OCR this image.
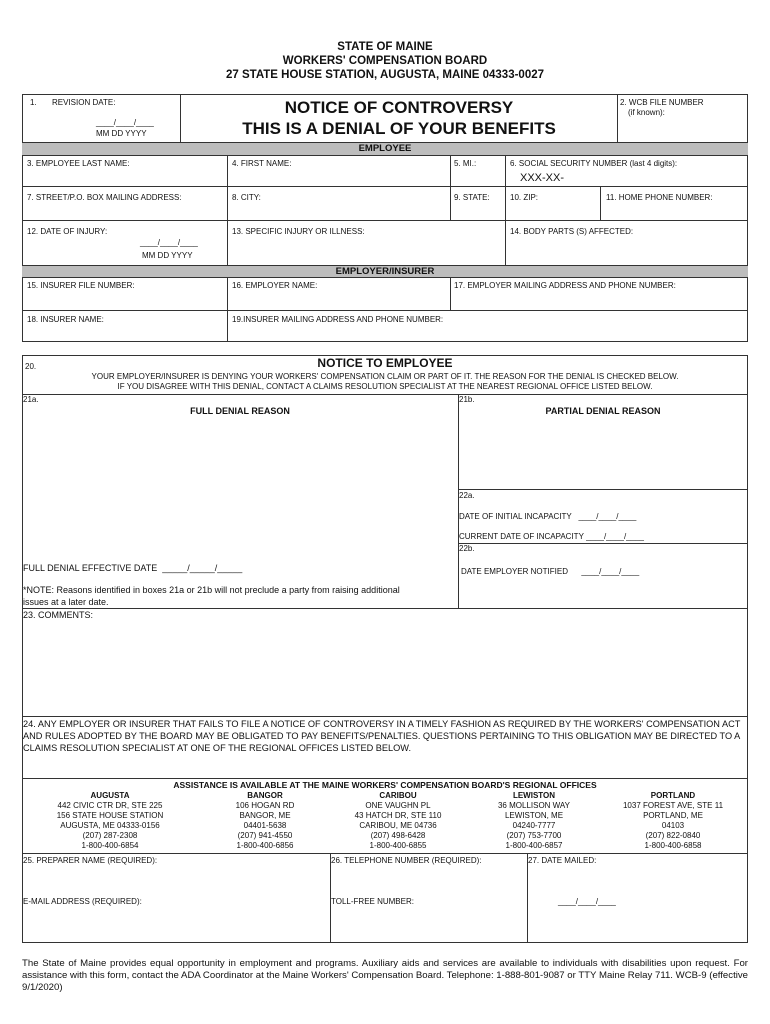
STATE OF MAINE
WORKERS' COMPENSATION BOARD
27 STATE HOUSE STATION, AUGUSTA, MAINE 04333-0027
1. REVISION DATE:
____/____/____
MM DD YYYY
NOTICE OF CONTROVERSY
THIS IS A DENIAL OF YOUR BENEFITS
2. WCB FILE NUMBER
(if known):
EMPLOYEE
3. EMPLOYEE LAST NAME:	4. FIRST NAME:	5. MI.:	6. SOCIAL SECURITY NUMBER (last 4 digits):
XXX-XX-
7. STREET/P.O. BOX MAILING ADDRESS:	8. CITY:	9. STATE:	10. ZIP:	11. HOME PHONE NUMBER:
12. DATE OF INJURY:
____/____/____
MM DD YYYY
13. SPECIFIC INJURY OR ILLNESS:	14. BODY PARTS (S) AFFECTED:
EMPLOYER/INSURER
15. INSURER FILE NUMBER:	16. EMPLOYER NAME:	17. EMPLOYER MAILING ADDRESS AND PHONE NUMBER:
18. INSURER NAME:	19.INSURER MAILING ADDRESS AND PHONE NUMBER:
20.	NOTICE TO EMPLOYEE
YOUR EMPLOYER/INSURER IS DENYING YOUR WORKERS' COMPENSATION CLAIM OR PART OF IT. THE REASON FOR THE DENIAL IS CHECKED BELOW.
IF YOU DISAGREE WITH THIS DENIAL, CONTACT A CLAIMS RESOLUTION SPECIALIST AT THE NEAREST REGIONAL OFFICE LISTED BELOW.
21a.
FULL DENIAL REASON
FULL DENIAL EFFECTIVE DATE _____/_____/_____
*NOTE: Reasons identified in boxes 21a or 21b will not preclude a party from raising additional
issues at a later date.
21b.
PARTIAL DENIAL REASON
22a.
DATE OF INITIAL INCAPACITY ____/____/____
CURRENT DATE OF INCAPACITY ____/____/____
22b.
DATE EMPLOYER NOTIFIED ____/____/____
23. COMMENTS:
24. ANY EMPLOYER OR INSURER THAT FAILS TO FILE A NOTICE OF CONTROVERSY IN A TIMELY FASHION AS REQUIRED BY THE WORKERS' COMPENSATION ACT AND RULES ADOPTED BY THE BOARD MAY BE OBLIGATED TO PAY BENEFITS/PENALTIES. QUESTIONS PERTAINING TO THIS OBLIGATION MAY BE DIRECTED TO A CLAIMS RESOLUTION SPECIALIST AT ONE OF THE REGIONAL OFFICES LISTED BELOW.
ASSISTANCE IS AVAILABLE AT THE MAINE WORKERS' COMPENSATION BOARD'S REGIONAL OFFICES
AUGUSTA
442 CIVIC CTR DR, STE 225
156 STATE HOUSE STATION
AUGUSTA, ME 04333-0156
(207) 287-2308
1-800-400-6854
BANGOR
106 HOGAN RD
BANGOR, ME
04401-5638
(207) 941-4550
1-800-400-6856
CARIBOU
ONE VAUGHN PL
43 HATCH DR, STE 110
CARIBOU, ME 04736
(207) 498-6428
1-800-400-6855
LEWISTON
36 MOLLISON WAY
LEWISTON, ME
04240-7777
(207) 753-7700
1-800-400-6857
PORTLAND
1037 FOREST AVE, STE 11
PORTLAND, ME
04103
(207) 822-0840
1-800-400-6858
25. PREPARER NAME (REQUIRED):	26. TELEPHONE NUMBER (REQUIRED):	27. DATE MAILED:
E-MAIL ADDRESS (REQUIRED):	TOLL-FREE NUMBER:	____/____/____
The State of Maine provides equal opportunity in employment and programs. Auxiliary aids and services are available to individuals with disabilities upon request. For assistance with this form, contact the ADA Coordinator at the Maine Workers' Compensation Board. Telephone: 1-888-801-9087 or TTY Maine Relay 711. WCB-9 (effective 9/1/2020)
